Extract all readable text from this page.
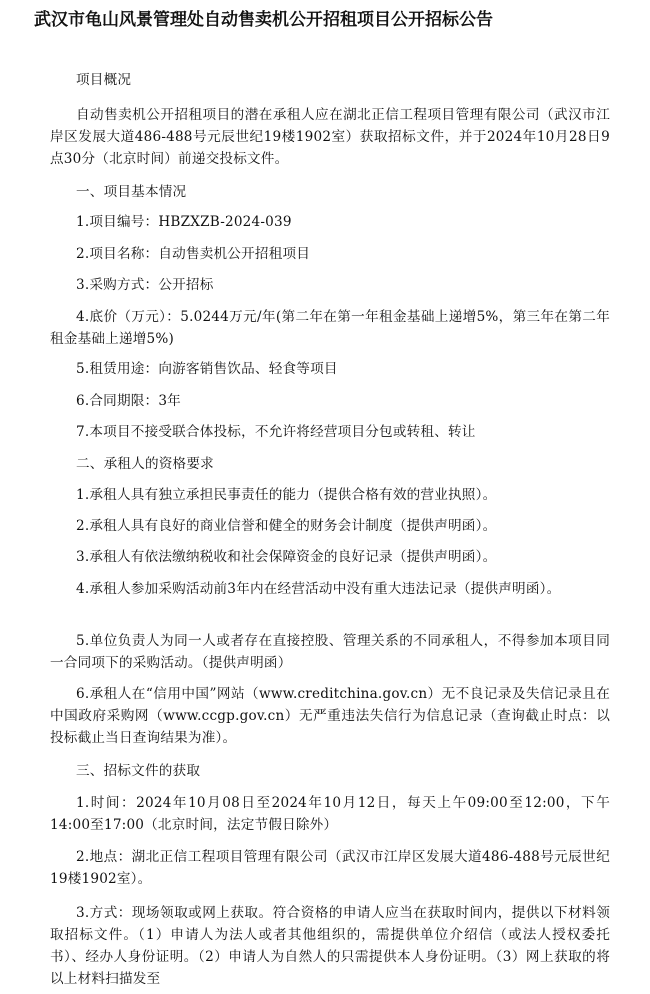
武汉市龟山风景管理处自动售卖机公开招租项目公开招标公告

项目概况

自动售卖机公开招租项目的潜在承租人应在湖北正信工程项目管理有限公司（武汉市江岸区发展大道486-488号元辰世纪19楼1902室）获取招标文件，并于2024年10月28日9点30分（北京时间）前递交投标文件。

一、项目基本情况

1.项目编号：HBZXZB-2024-039

2.项目名称：自动售卖机公开招租项目

3.采购方式：公开招标

4.底价（万元）：5.0244万元/年(第二年在第一年租金基础上递增5%，第三年在第二年租金基础上递增5%)

5.租赁用途：向游客销售饮品、轻食等项目

6.合同期限：3年

7.本项目不接受联合体投标，不允许将经营项目分包或转租、转让

二、承租人的资格要求

1.承租人具有独立承担民事责任的能力（提供合格有效的营业执照）。

2.承租人具有良好的商业信誉和健全的财务会计制度（提供声明函）。

3.承租人有依法缴纳税收和社会保障资金的良好记录（提供声明函）。

4.承租人参加采购活动前3年内在经营活动中没有重大违法记录（提供声明函）。

5.单位负责人为同一人或者存在直接控股、管理关系的不同承租人，不得参加本项目同一合同项下的采购活动。（提供声明函）

6.承租人在“信用中国”网站（www.creditchina.gov.cn）无不良记录及失信记录且在中国政府采购网（www.ccgp.gov.cn）无严重违法失信行为信息记录（查询截止时点：以投标截止当日查询结果为准）。

三、招标文件的获取

1.时间：2024年10月08日至2024年10月12日，每天上午09:00至12:00，下午14:00至17:00（北京时间，法定节假日除外）

2.地点：湖北正信工程项目管理有限公司（武汉市江岸区发展大道486-488号元辰世纪19楼1902室）。

3.方式：现场领取或网上获取。符合资格的申请人应当在获取时间内，提供以下材料领取招标文件。（1）申请人为法人或者其他组织的，需提供单位介绍信（或法人授权委托书）、经办人身份证明。（2）申请人为自然人的只需提供本人身份证明。（3）网上获取的将以上材料扫描发至
